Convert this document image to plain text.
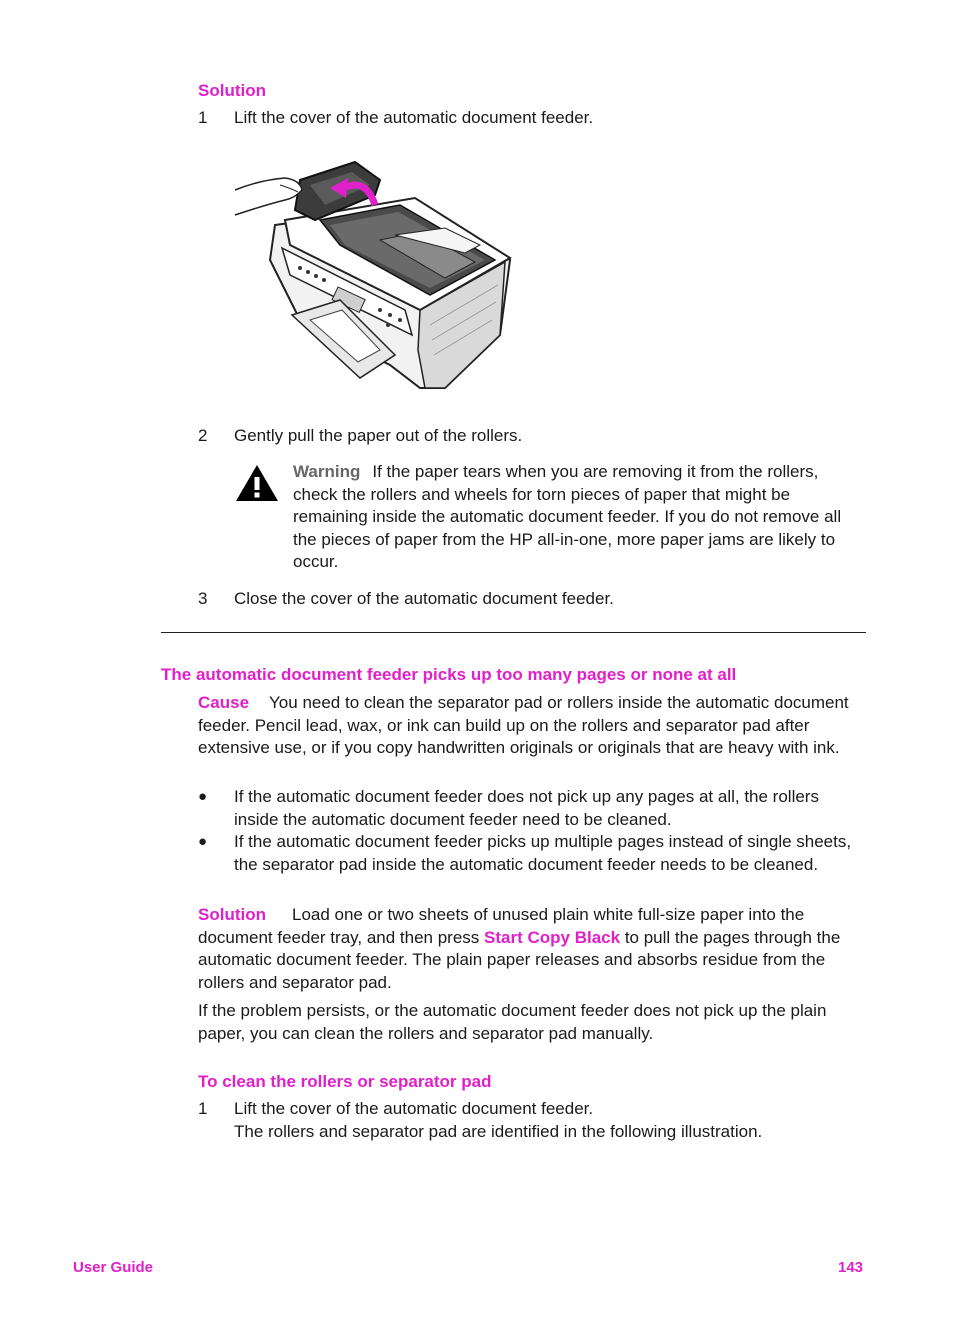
Solution
1 Lift the cover of the automatic document feeder.
2 Gently pull the paper out of the rollers.
Warning If the paper tears when you are removing it from the rollers, check the rollers and wheels for torn pieces of paper that might be remaining inside the automatic document feeder. If you do not remove all the pieces of paper from the HP all-in-one, more paper jams are likely to occur.
3 Close the cover of the automatic document feeder.
The automatic document feeder picks up too many pages or none at all
Cause You need to clean the separator pad or rollers inside the automatic document feeder. Pencil lead, wax, or ink can build up on the rollers and separator pad after extensive use, or if you copy handwritten originals or originals that are heavy with ink.
● If the automatic document feeder does not pick up any pages at all, the rollers inside the automatic document feeder need to be cleaned.
● If the automatic document feeder picks up multiple pages instead of single sheets, the separator pad inside the automatic document feeder needs to be cleaned.
Solution Load one or two sheets of unused plain white full-size paper into the document feeder tray, and then press Start Copy Black to pull the pages through the automatic document feeder. The plain paper releases and absorbs residue from the rollers and separator pad.
If the problem persists, or the automatic document feeder does not pick up the plain paper, you can clean the rollers and separator pad manually.
To clean the rollers or separator pad
1 Lift the cover of the automatic document feeder.
The rollers and separator pad are identified in the following illustration.
User Guide	143
